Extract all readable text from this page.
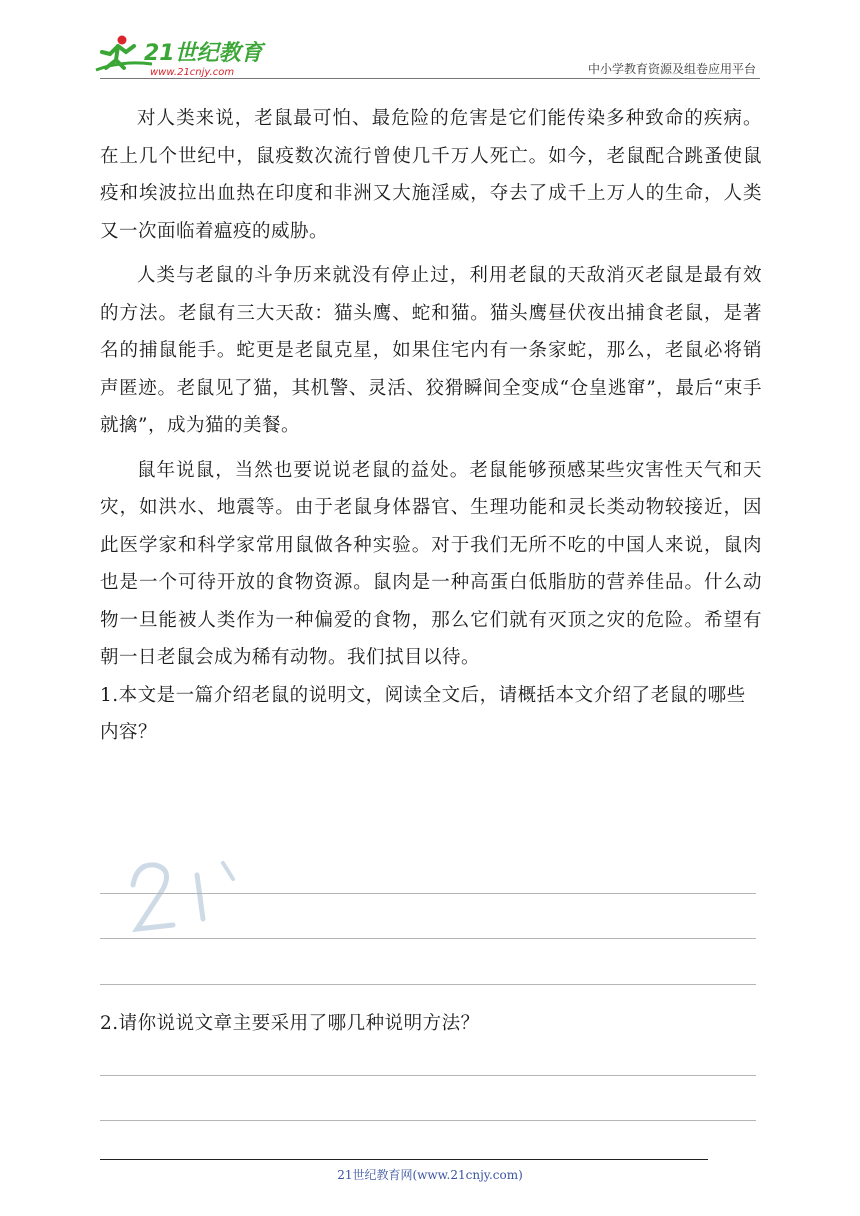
21世纪教育
www.21cnjy.com	中小学教育资源及组卷应用平台

对人类来说，老鼠最可怕、最危险的危害是它们能传染多种致命的疾病。在上几个世纪中，鼠疫数次流行曾使几千万人死亡。如今，老鼠配合跳蚤使鼠疫和埃波拉出血热在印度和非洲又大施淫威，夺去了成千上万人的生命，人类又一次面临着瘟疫的威胁。

人类与老鼠的斗争历来就没有停止过，利用老鼠的天敌消灭老鼠是最有效的方法。老鼠有三大天敌：猫头鹰、蛇和猫。猫头鹰昼伏夜出捕食老鼠，是著名的捕鼠能手。蛇更是老鼠克星，如果住宅内有一条家蛇，那么，老鼠必将销声匿迹。老鼠见了猫，其机警、灵活、狡猾瞬间全变成“仓皇逃窜”，最后“束手就擒”，成为猫的美餐。

鼠年说鼠，当然也要说说老鼠的益处。老鼠能够预感某些灾害性天气和天灾，如洪水、地震等。由于老鼠身体器官、生理功能和灵长类动物较接近，因此医学家和科学家常用鼠做各种实验。对于我们无所不吃的中国人来说，鼠肉也是一个可待开放的食物资源。鼠肉是一种高蛋白低脂肪的营养佳品。什么动物一旦能被人类作为一种偏爱的食物，那么它们就有灭顶之灾的危险。希望有朝一日老鼠会成为稀有动物。我们拭目以待。

1.本文是一篇介绍老鼠的说明文，阅读全文后，请概括本文介绍了老鼠的哪些内容？

2.请你说说文章主要采用了哪几种说明方法？

21世纪教育网(www.21cnjy.com)
